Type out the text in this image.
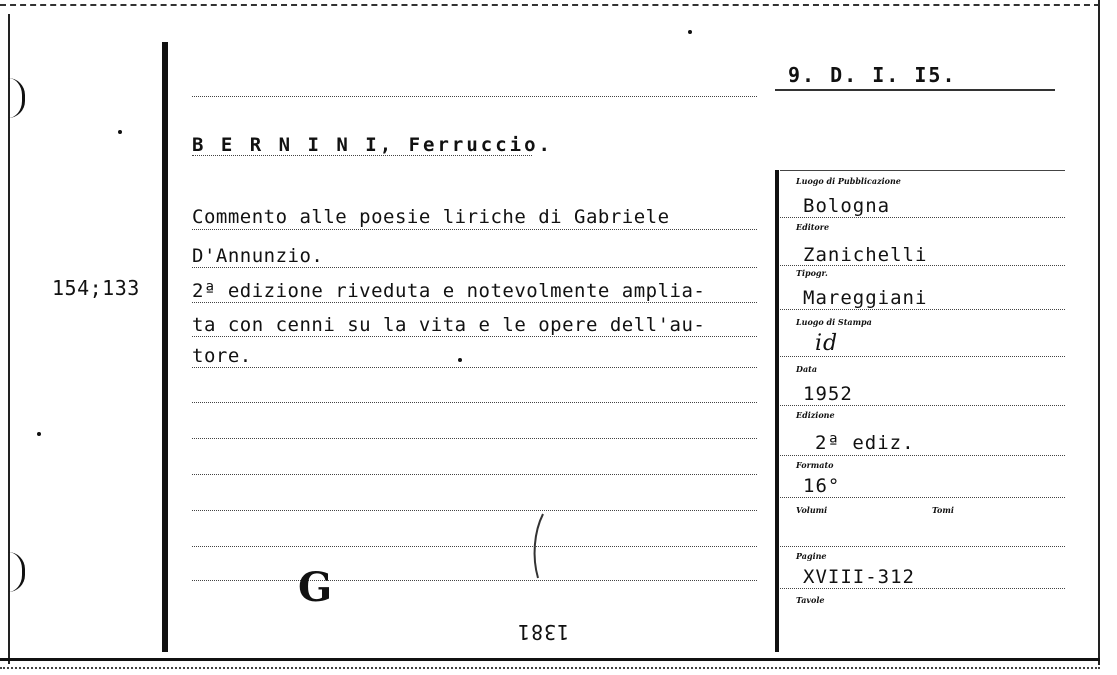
9. D. I. I5.
154;133
B E R N I N I, Ferruccio.
Commento alle poesie liriche di Gabriele
D'Annunzio.
2ª edizione riveduta e notevolmente amplia-
ta con cenni su la vita e le opere dell'au-
tore.
G
1381
Luogo di Pubblicazione
Bologna
Editore
Zanichelli
Tipogr.
Mareggiani
Luogo di Stampa
id
Data
1952
Edizione
2ª ediz.
Formato
16°
Volumi	Tomi
Pagine
XVIII-312
Tavole
